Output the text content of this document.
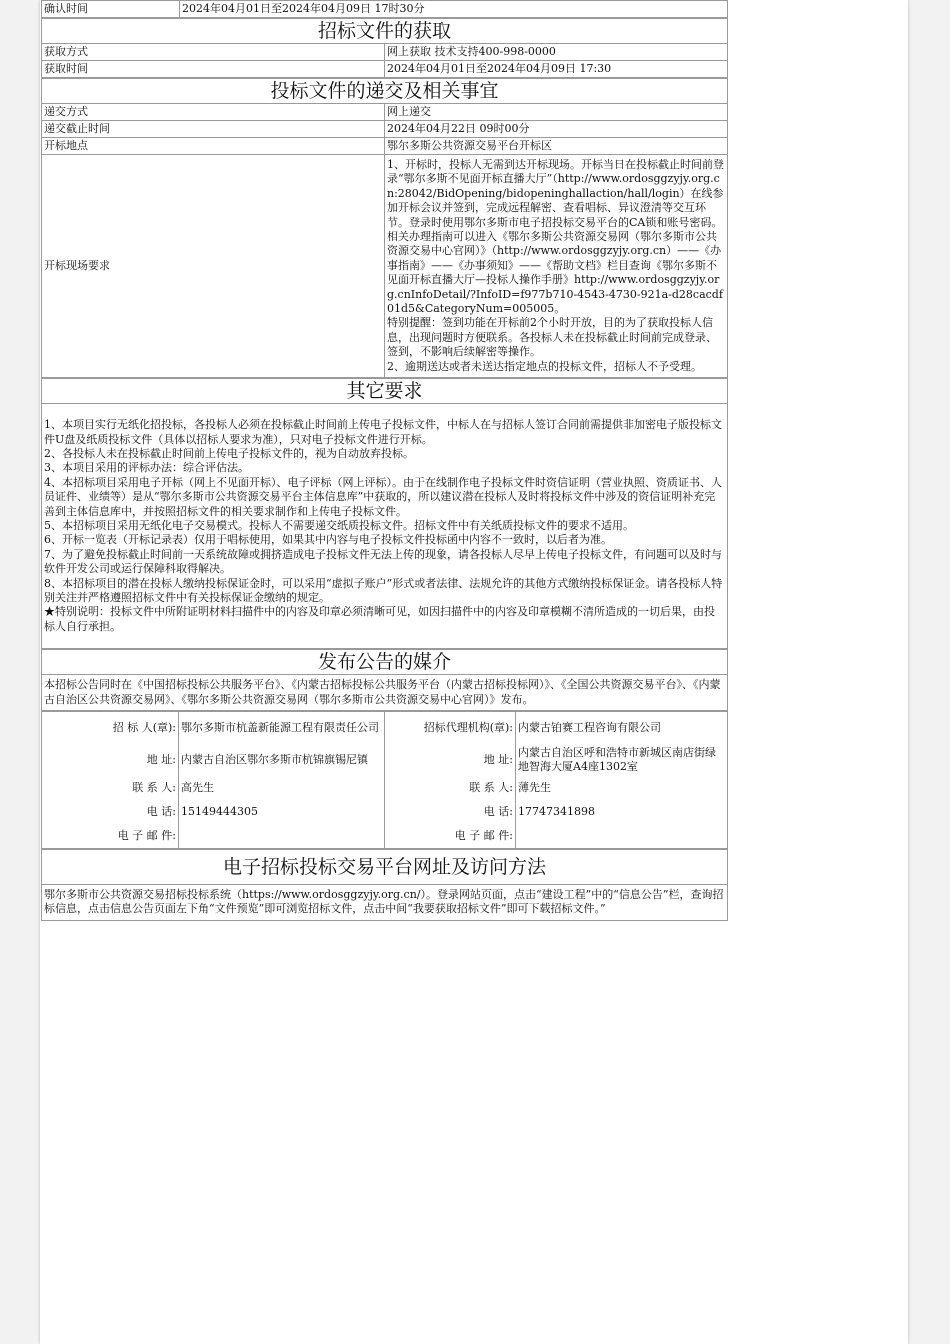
确认时间	2024年04月01日至2024年04月09日 17时30分
招标文件的获取	
获取方式	网上获取 技术支持400-998-0000
获取时间	2024年04月01日至2024年04月09日 17:30
投标文件的递交及相关事宜	
递交方式	网上递交
递交截止时间	2024年04月22日 09时00分
开标地点	鄂尔多斯公共资源交易平台开标区
开标现场要求	1、开标时，投标人无需到达开标现场。开标当日在投标截止时间前登录“鄂尔多斯不见面开标直播大厅”（http://www.ordosggzyjy.org.cn:28042/BidOpening/bidopeninghallaction/hall/login）在线参加开标会议并签到，完成远程解密、查看唱标、异议澄清等交互环节。登录时使用鄂尔多斯市电子招投标交易平台的CA锁和账号密码。相关办理指南可以进入《鄂尔多斯公共资源交易网（鄂尔多斯市公共资源交易中心官网）》（http://www.ordosggzyjy.org.cn）——《办事指南》——《办事须知》——《帮助文档》栏目查询《鄂尔多斯不见面开标直播大厅—投标人操作手册》http://www.ordosggzyjy.org.cnInfoDetail/?InfoID=f977b710-4543-4730-921a-d28cacdf01d5&CategoryNum=005005。
特别提醒：签到功能在开标前2个小时开放，目的为了获取投标人信息，出现问题时方便联系。各投标人未在投标截止时间前完成登录、签到，不影响后续解密等操作。
2、逾期送达或者未送达指定地点的投标文件，招标人不予受理。
其它要求

1、本项目实行无纸化招投标，各投标人必须在投标截止时间前上传电子投标文件，中标人在与招标人签订合同前需提供非加密电子版投标文件U盘及纸质投标文件（具体以招标人要求为准），只对电子投标文件进行开标。

2、各投标人未在投标截止时间前上传电子投标文件的，视为自动放弃投标。

3、本项目采用的评标办法：综合评估法。

4、本招标项目采用电子开标（网上不见面开标）、电子评标（网上评标）。由于在线制作电子投标文件时资信证明（营业执照、资质证书、人员证件、业绩等）是从“鄂尔多斯市公共资源交易平台主体信息库”中获取的，所以建议潜在投标人及时将投标文件中涉及的资信证明补充完善到主体信息库中，并按照招标文件的相关要求制作和上传电子投标文件。

5、本招标项目采用无纸化电子交易模式。投标人不需要递交纸质投标文件。招标文件中有关纸质投标文件的要求不适用。

6、开标一览表（开标记录表）仅用于唱标使用，如果其中内容与电子投标文件投标函中内容不一致时，以后者为准。

7、为了避免投标截止时间前一天系统故障或拥挤造成电子投标文件无法上传的现象，请各投标人尽早上传电子投标文件，有问题可以及时与软件开发公司或运行保障科取得解决。

8、本招标项目的潜在投标人缴纳投标保证金时，可以采用“虚拟子账户”形式或者法律、法规允许的其他方式缴纳投标保证金。请各投标人特别关注并严格遵照招标文件中有关投标保证金缴纳的规定。

★特别说明：投标文件中所附证明材料扫描件中的内容及印章必须清晰可见，如因扫描件中的内容及印章模糊不清所造成的一切后果，由投标人自行承担。

发布公告的媒介
本招标公告同时在《中国招标投标公共服务平台》、《内蒙古招标投标公共服务平台（内蒙古招标投标网）》、《全国公共资源交易平台》、《内蒙古自治区公共资源交易网》、《鄂尔多斯公共资源交易网（鄂尔多斯市公共资源交易中心官网）》发布。
招 标 人(章):	鄂尔多斯市杭盖新能源工程有限责任公司	招标代理机构(章):	内蒙古铂赛工程咨询有限公司
地 址:	内蒙古自治区鄂尔多斯市杭锦旗锡尼镇	地 址:	内蒙古自治区呼和浩特市新城区南店街绿地智海大厦A4座1302室
联 系 人:	高先生	联 系 人:	薄先生
电 话:	15149444305	电 话:	17747341898
电 子 邮 件:		电 子 邮 件:	
电子招标投标交易平台网址及访问方法
鄂尔多斯市公共资源交易招标投标系统（https://www.ordosggzyjy.org.cn/）。登录网站页面，点击“建设工程”中的“信息公告”栏，查询招标信息，点击信息公告页面左下角“文件预览”即可浏览招标文件，点击中间“我要获取招标文件”即可下载招标文件。”
